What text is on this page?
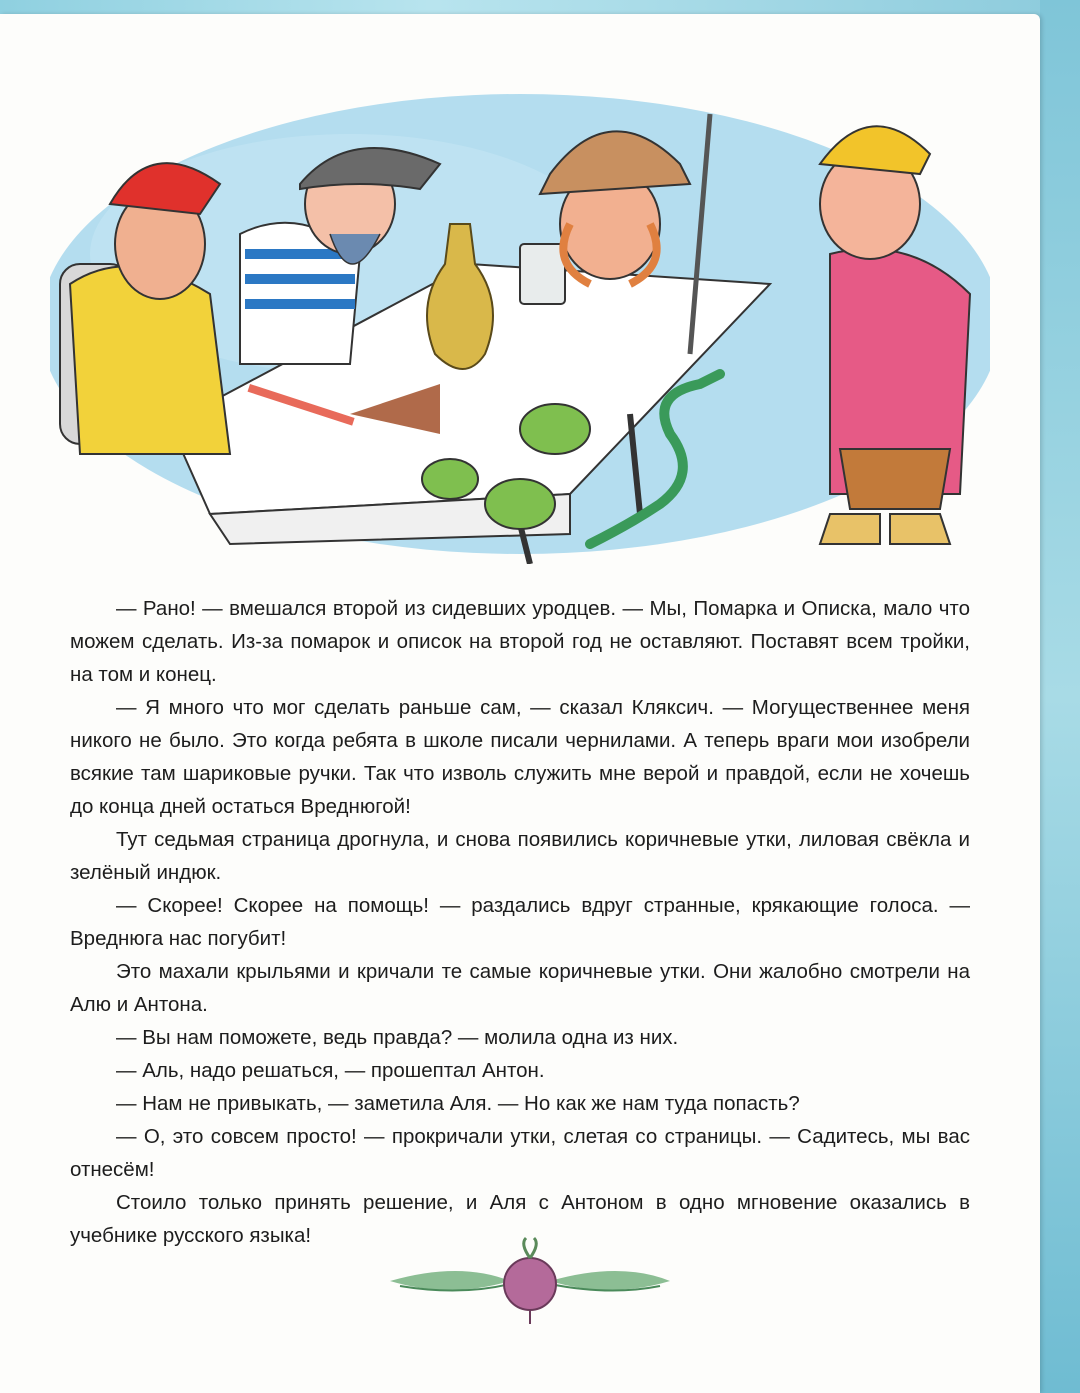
— Рано! — вмешался второй из сидевших уродцев. — Мы, Помарка и Описка, мало что можем сделать. Из-за помарок и описок на второй год не оставляют. Поставят всем тройки, на том и конец.

— Я много что мог сделать раньше сам, — сказал Кляксич. — Могущественнее меня никого не было. Это когда ребята в школе писали чернилами. А теперь враги мои изобрели всякие там шариковые ручки. Так что изволь служить мне верой и правдой, если не хочешь до конца дней остаться Вреднюгой!

Тут седьмая страница дрогнула, и снова появились коричневые утки, лиловая свёкла и зелёный индюк.

— Скорее! Скорее на помощь! — раздались вдруг странные, крякающие голоса. — Вреднюга нас погубит!

Это махали крыльями и кричали те самые коричневые утки. Они жалобно смотрели на Алю и Антона.

— Вы нам поможете, ведь правда? — молила одна из них.

— Аль, надо решаться, — прошептал Антон.

— Нам не привыкать, — заметила Аля. — Но как же нам туда попасть?

— О, это совсем просто! — прокричали утки, слетая со страницы. — Садитесь, мы вас отнесём!

Стоило только принять решение, и Аля с Антоном в одно мгновение оказались в учебнике русского языка!
